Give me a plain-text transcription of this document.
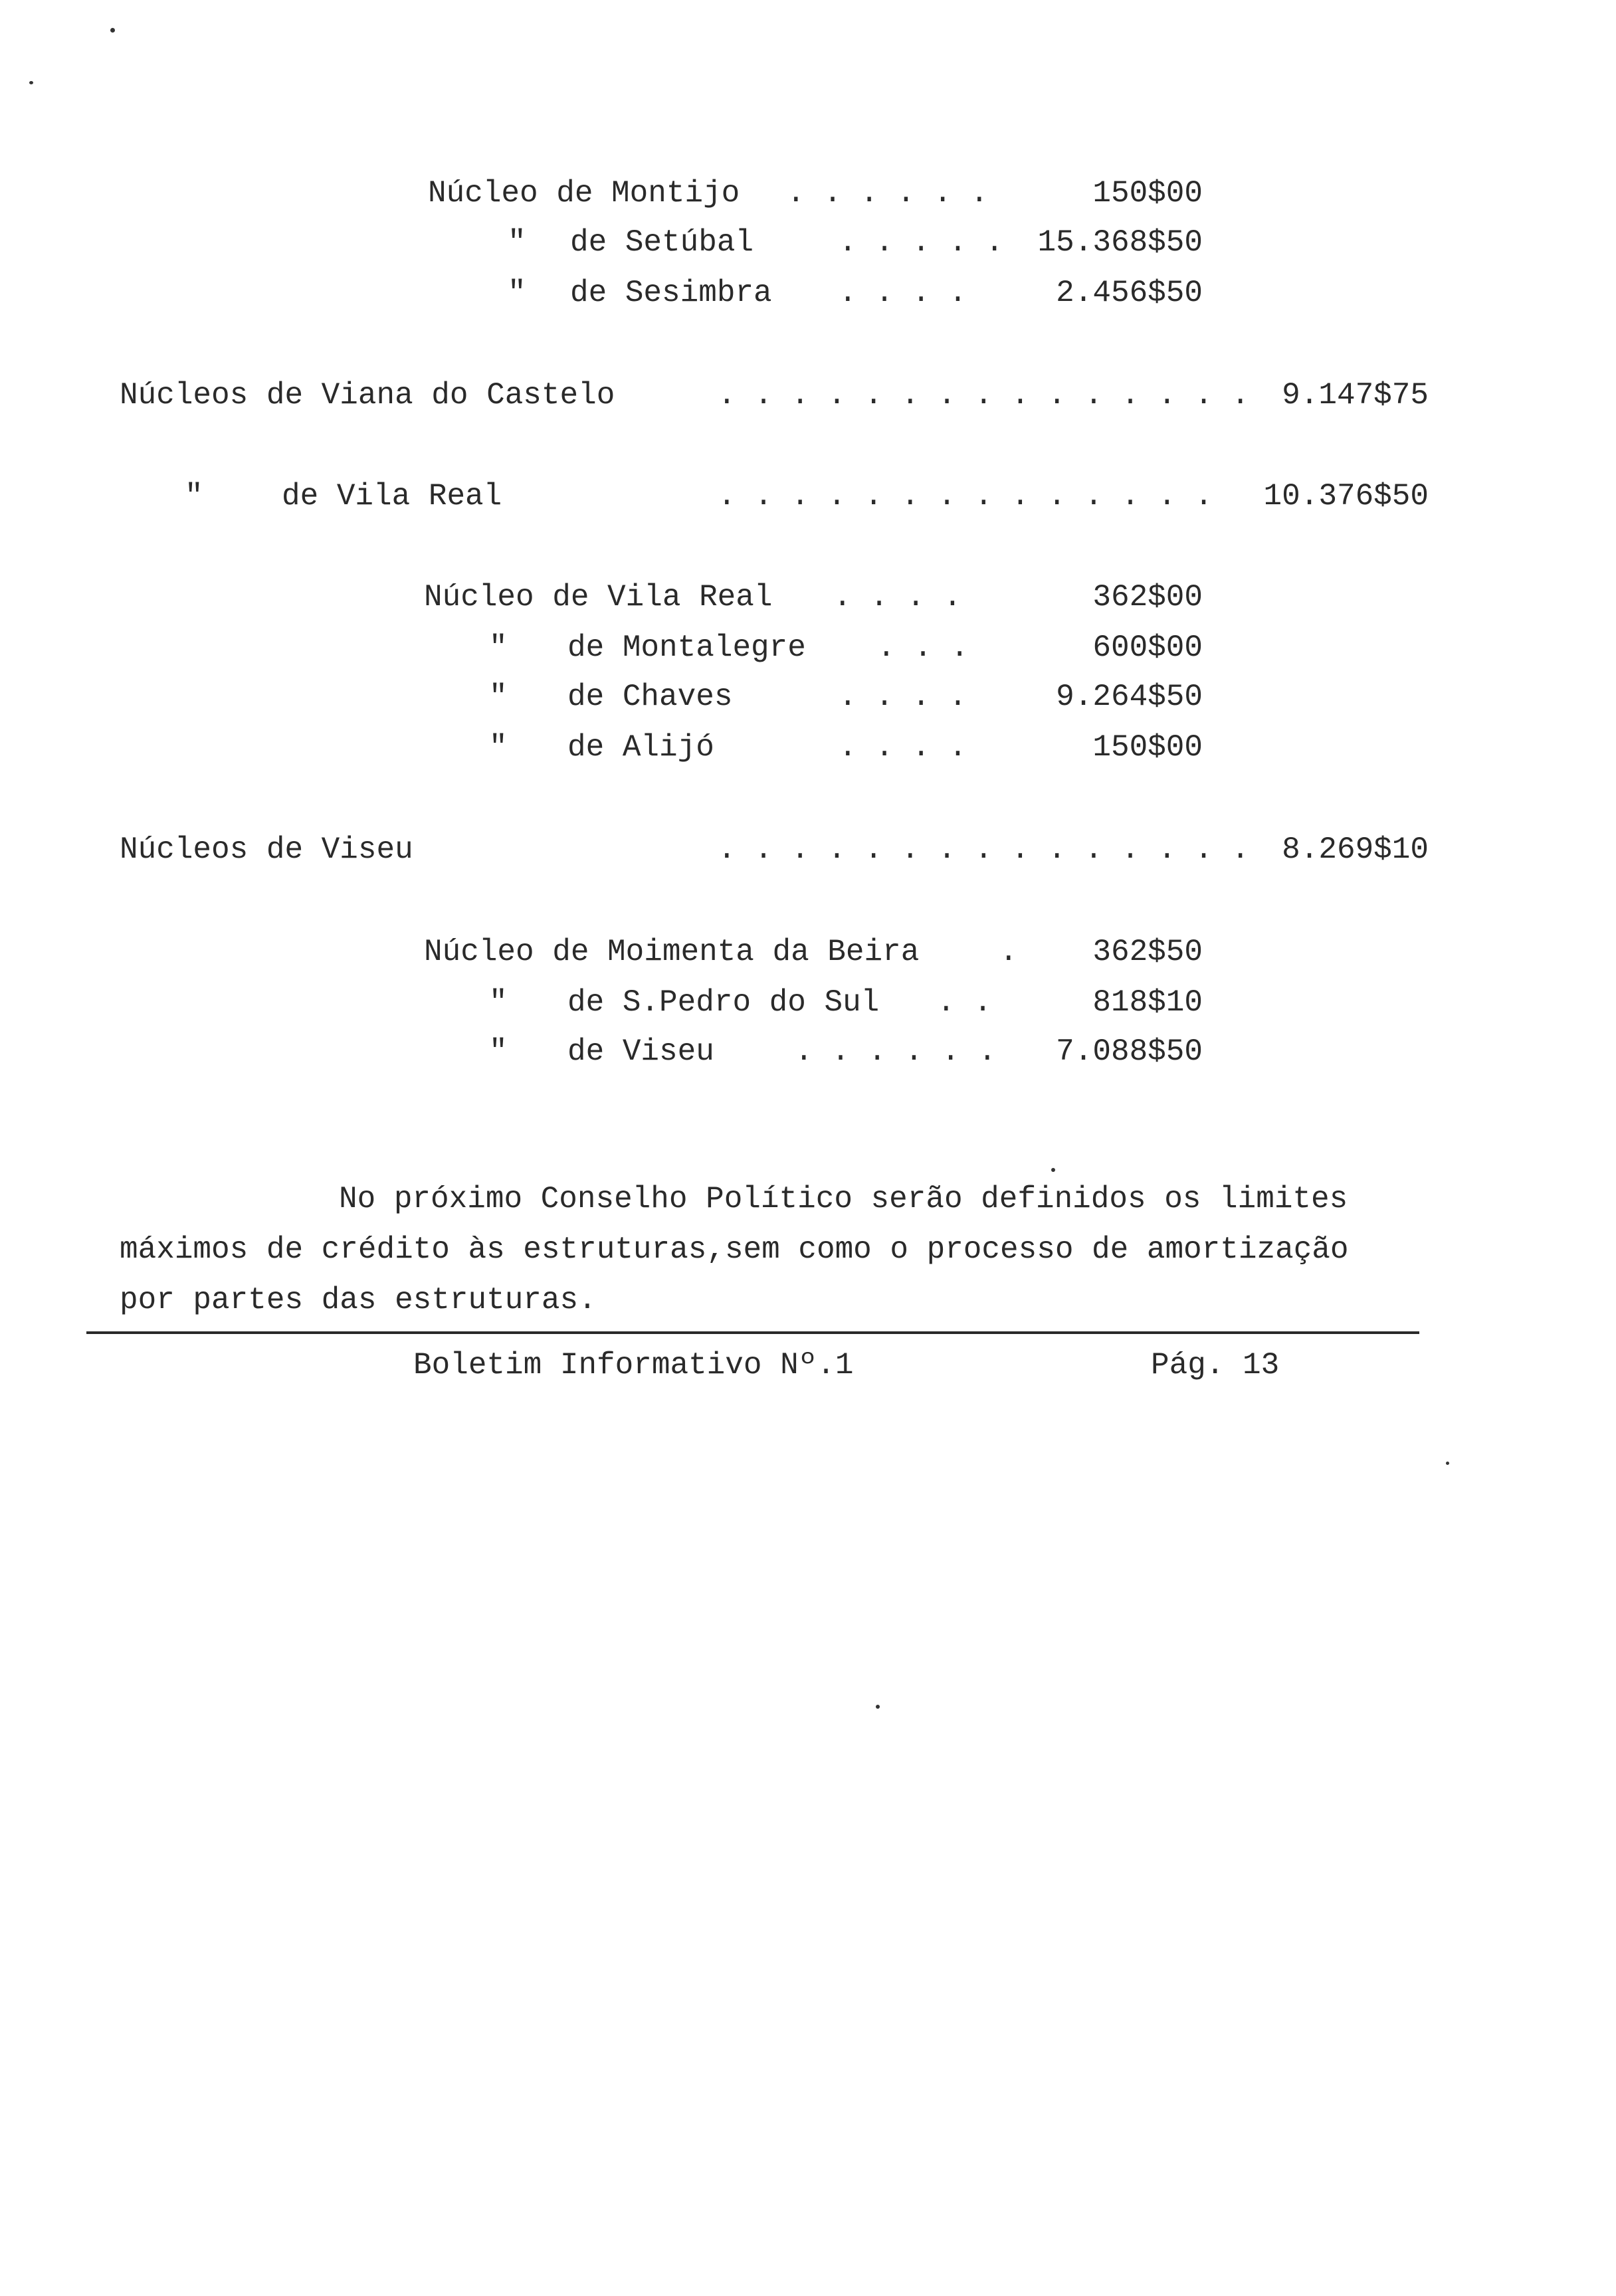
Núcleo de Montijo . . . . . .	150$00
" de Setúbal	. . . . .	15.368$50
" de Sesimbra . . . .	2.456$50
Núcleos de Viana do Castelo	. . . . . . . . . . . . . . .	9.147$75
"	de Vila Real	. . . . . . . . . . . . . .	10.376$50
Núcleo de Vila Real . . . .	362$00
" de Montalegre . . .	600$00
" de Chaves	. . . .	9.264$50
" de Alijó	. . . .	150$00
Núcleos de Viseu	. . . . . . . . . . . . . . .	8.269$10
Núcleo de Moimenta da Beira	.	362$50
" de S.Pedro do Sul . .	818$10
" de Viseu	. . . . . .	7.088$50
No próximo Conselho Político serão definidos os limites
máximos de crédito às estruturas,sem como o processo de amortização
por partes das estruturas.
Boletim Informativo Nº.1	Pág. 13
